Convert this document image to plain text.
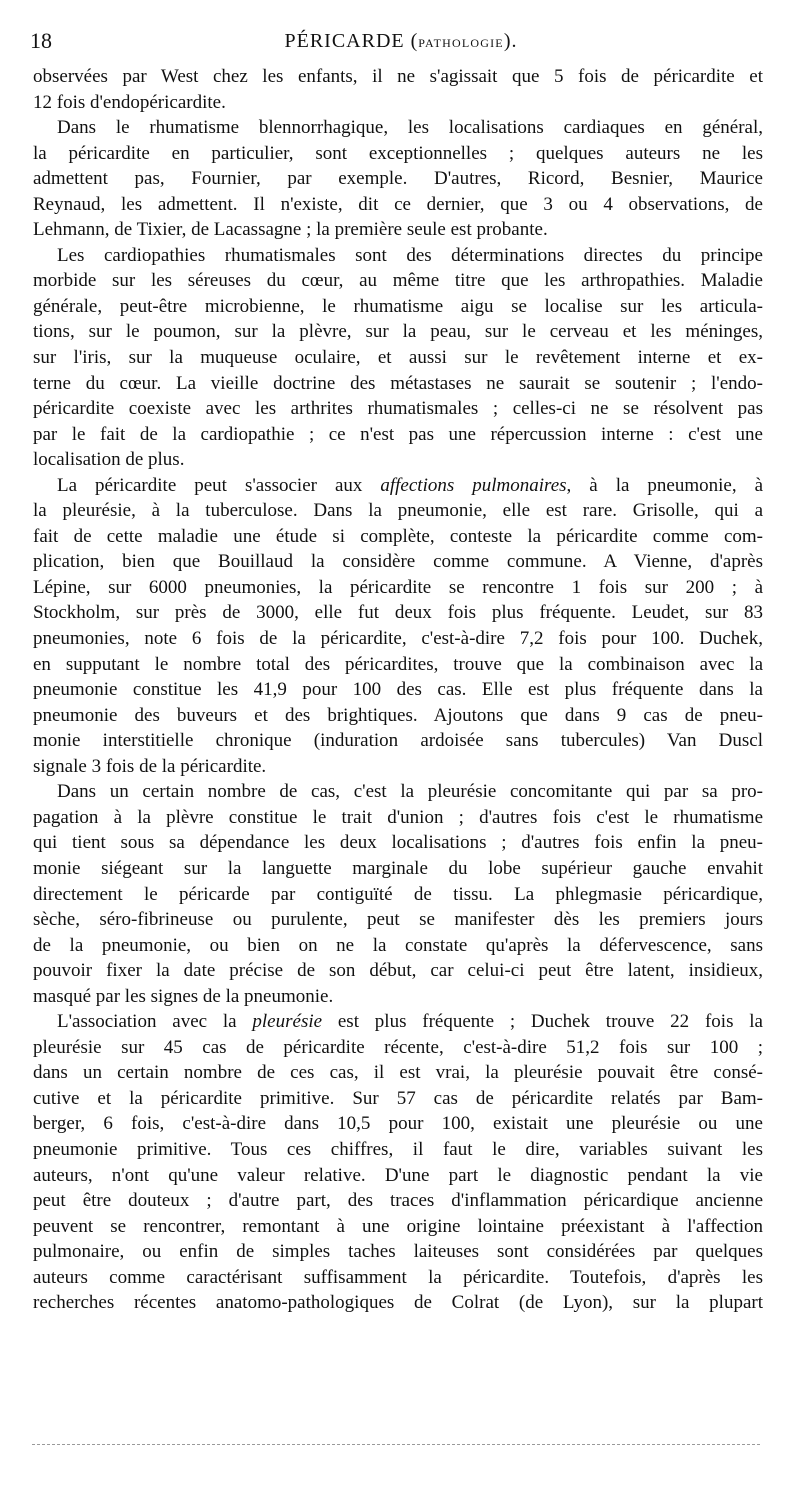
18	PÉRICARDE (PATHOLOGIE).
observées par West chez les enfants, il ne s'agissait que 5 fois de péricardite et
12 fois d'endopéricardite.
Dans le rhumatisme blennorrhagique, les localisations cardiaques en général,
la péricardite en particulier, sont exceptionnelles ; quelques auteurs ne les
admettent pas, Fournier, par exemple. D'autres, Ricord, Besnier, Maurice
Reynaud, les admettent. Il n'existe, dit ce dernier, que 3 ou 4 observations, de
Lehmann, de Tixier, de Lacassagne ; la première seule est probante.
Les cardiopathies rhumatismales sont des déterminations directes du principe
morbide sur les séreuses du cœur, au même titre que les arthropathies. Maladie
générale, peut-être microbienne, le rhumatisme aigu se localise sur les articula-
tions, sur le poumon, sur la plèvre, sur la peau, sur le cerveau et les méninges,
sur l'iris, sur la muqueuse oculaire, et aussi sur le revêtement interne et ex-
terne du cœur. La vieille doctrine des métastases ne saurait se soutenir ; l'endo-
péricardite coexiste avec les arthrites rhumatismales ; celles-ci ne se résolvent pas
par le fait de la cardiopathie ; ce n'est pas une répercussion interne : c'est une
localisation de plus.
La péricardite peut s'associer aux affections pulmonaires, à la pneumonie, à
la pleurésie, à la tuberculose. Dans la pneumonie, elle est rare. Grisolle, qui a
fait de cette maladie une étude si complète, conteste la péricardite comme com-
plication, bien que Bouillaud la considère comme commune. A Vienne, d'après
Lépine, sur 6000 pneumonies, la péricardite se rencontre 1 fois sur 200 ; à
Stockholm, sur près de 3000, elle fut deux fois plus fréquente. Leudet, sur 83
pneumonies, note 6 fois de la péricardite, c'est-à-dire 7,2 fois pour 100. Duchek,
en supputant le nombre total des péricardites, trouve que la combinaison avec la
pneumonie constitue les 41,9 pour 100 des cas. Elle est plus fréquente dans la
pneumonie des buveurs et des brightiques. Ajoutons que dans 9 cas de pneu-
monie interstitielle chronique (induration ardoisée sans tubercules) Van Duscl
signale 3 fois de la péricardite.
Dans un certain nombre de cas, c'est la pleurésie concomitante qui par sa pro-
pagation à la plèvre constitue le trait d'union ; d'autres fois c'est le rhumatisme
qui tient sous sa dépendance les deux localisations ; d'autres fois enfin la pneu-
monie siégeant sur la languette marginale du lobe supérieur gauche envahit
directement le péricarde par contiguïté de tissu. La phlegmasie péricardique,
sèche, séro-fibrineuse ou purulente, peut se manifester dès les premiers jours
de la pneumonie, ou bien on ne la constate qu'après la défervescence, sans
pouvoir fixer la date précise de son début, car celui-ci peut être latent, insidieux,
masqué par les signes de la pneumonie.
L'association avec la pleurésie est plus fréquente ; Duchek trouve 22 fois la
pleurésie sur 45 cas de péricardite récente, c'est-à-dire 51,2 fois sur 100 ;
dans un certain nombre de ces cas, il est vrai, la pleurésie pouvait être consé-
cutive et la péricardite primitive. Sur 57 cas de péricardite relatés par Bam-
berger, 6 fois, c'est-à-dire dans 10,5 pour 100, existait une pleurésie ou une
pneumonie primitive. Tous ces chiffres, il faut le dire, variables suivant les
auteurs, n'ont qu'une valeur relative. D'une part le diagnostic pendant la vie
peut être douteux ; d'autre part, des traces d'inflammation péricardique ancienne
peuvent se rencontrer, remontant à une origine lointaine préexistant à l'affection
pulmonaire, ou enfin de simples taches laiteuses sont considérées par quelques
auteurs comme caractérisant suffisamment la péricardite. Toutefois, d'après les
recherches récentes anatomo-pathologiques de Colrat (de Lyon), sur la plupart
